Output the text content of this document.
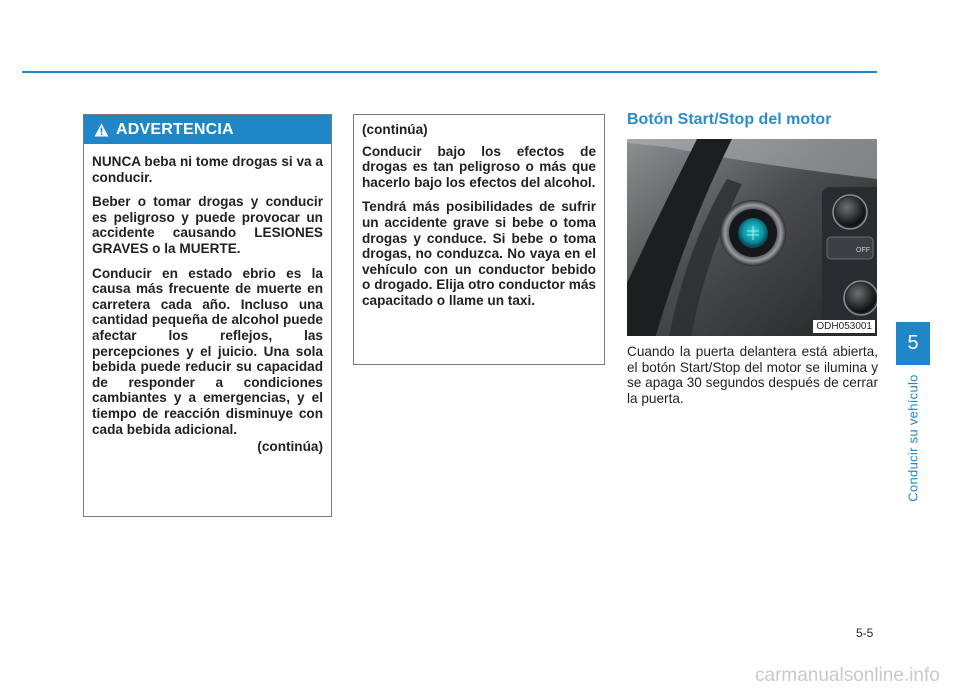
ADVERTENCIA

NUNCA beba ni tome drogas si va a conducir.

Beber o tomar drogas y conducir es peligroso y puede provocar un accidente causando LESIONES GRAVES o la MUERTE.

Conducir en estado ebrio es la causa más frecuente de muerte en carretera cada año. Incluso una cantidad pequeña de alcohol puede afectar los reflejos, las percepciones y el juicio. Una sola bebida puede reducir su capacidad de responder a condiciones cambiantes y a emergencias, y el tiempo de reacción disminuye con cada bebida adicional.

(continúa)

(continúa)

Conducir bajo los efectos de drogas es tan peligroso o más que hacerlo bajo los efectos del alcohol.

Tendrá más posibilidades de sufrir un accidente grave si bebe o toma drogas y conduce. Si bebe o toma drogas, no conduzca. No vaya en el vehículo con un conductor bebido o drogado. Elija otro conductor más capacitado o llame un taxi.

Botón Start/Stop del motor
OFF
ODH053001
Cuando la puerta delantera está abierta, el botón Start/Stop del motor se ilumina y se apaga 30 segundos después de cerrar la puerta.
5
Conducir su vehículo
5-5
carmanualsonline.info
